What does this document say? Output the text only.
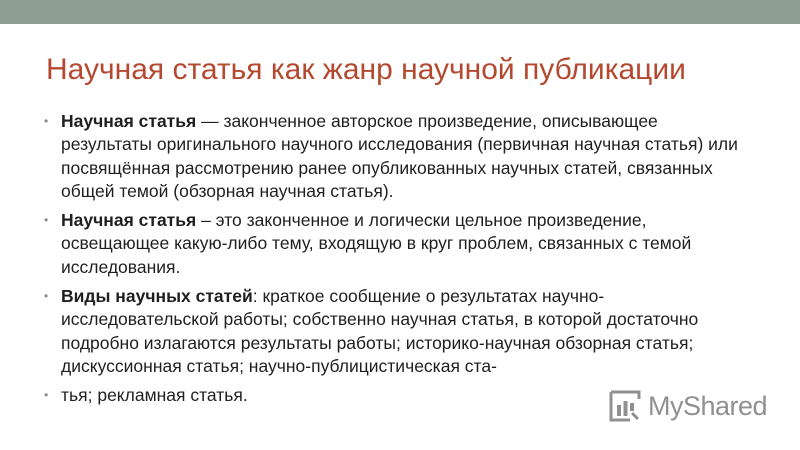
Научная статья как жанр научной публикации
• Научная статья — законченное авторское произведение, описывающее результаты оригинального научного исследования (первичная научная статья) или посвящённая рассмотрению ранее опубликованных научных статей, связанных общей темой (обзорная научная статья).
• Научная статья – это законченное и логически цельное произведение, освещающее какую-либо тему, входящую в круг проблем, связанных с темой исследования.
• Виды научных статей: краткое сообщение о результатах научно-исследовательской работы; собственно научная статья, в которой достаточно подробно излагаются результаты работы; историко-научная обзорная статья; дискуссионная статья; научно-публицистическая ста-
• тья; рекламная статья.	MyShared
